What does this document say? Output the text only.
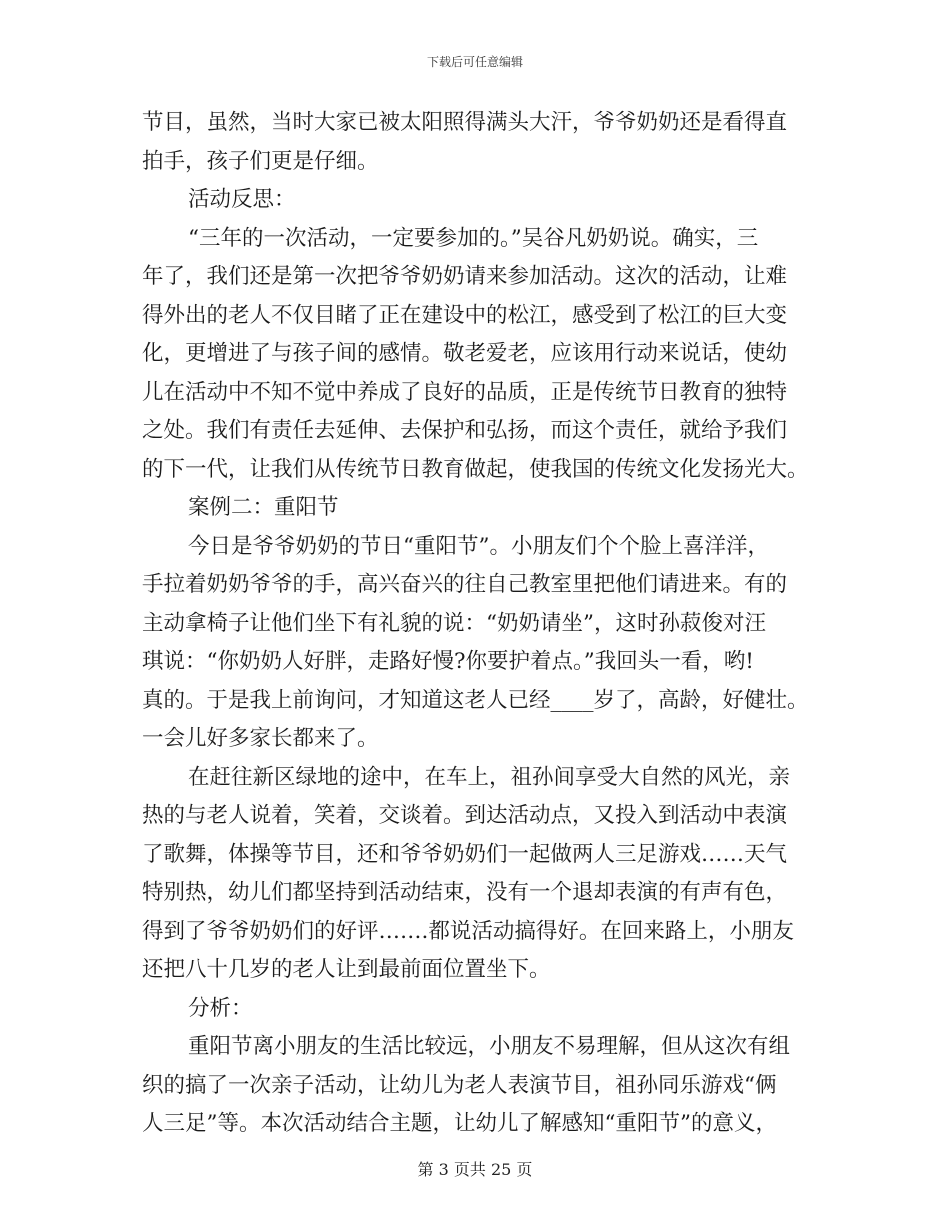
下载后可任意编辑
节目，虽然，当时大家已被太阳照得满头大汗，爷爷奶奶还是看得直
拍手，孩子们更是仔细。
活动反思：
“三年的一次活动，一定要参加的。”吴谷凡奶奶说。确实，三
年了，我们还是第一次把爷爷奶奶请来参加活动。这次的活动，让难
得外出的老人不仅目睹了正在建设中的松江，感受到了松江的巨大变
化，更增进了与孩子间的感情。敬老爱老，应该用行动来说话，使幼
儿在活动中不知不觉中养成了良好的品质，正是传统节日教育的独特
之处。我们有责任去延伸、去保护和弘扬，而这个责任，就给予我们
的下一代，让我们从传统节日教育做起，使我国的传统文化发扬光大。
案例二：重阳节
今日是爷爷奶奶的节日“重阳节”。小朋友们个个脸上喜洋洋，
手拉着奶奶爷爷的手，高兴奋兴的往自己教室里把他们请进来。有的
主动拿椅子让他们坐下有礼貌的说：“奶奶请坐”，这时孙菽俊对汪
琪说：“你奶奶人好胖，走路好慢?你要护着点。”我回头一看，哟!
真的。于是我上前询问，才知道这老人已经____岁了，高龄，好健壮。
一会儿好多家长都来了。
在赶往新区绿地的途中，在车上，祖孙间享受大自然的风光，亲
热的与老人说着，笑着，交谈着。到达活动点，又投入到活动中表演
了歌舞，体操等节目，还和爷爷奶奶们一起做两人三足游戏……天气
特别热，幼儿们都坚持到活动结束，没有一个退却表演的有声有色，
得到了爷爷奶奶们的好评…….都说活动搞得好。在回来路上，小朋友
还把八十几岁的老人让到最前面位置坐下。
分析：
重阳节离小朋友的生活比较远，小朋友不易理解，但从这次有组
织的搞了一次亲子活动，让幼儿为老人表演节目，祖孙同乐游戏“俩
人三足”等。本次活动结合主题，让幼儿了解感知“重阳节”的意义，
第 3 页共 25 页
